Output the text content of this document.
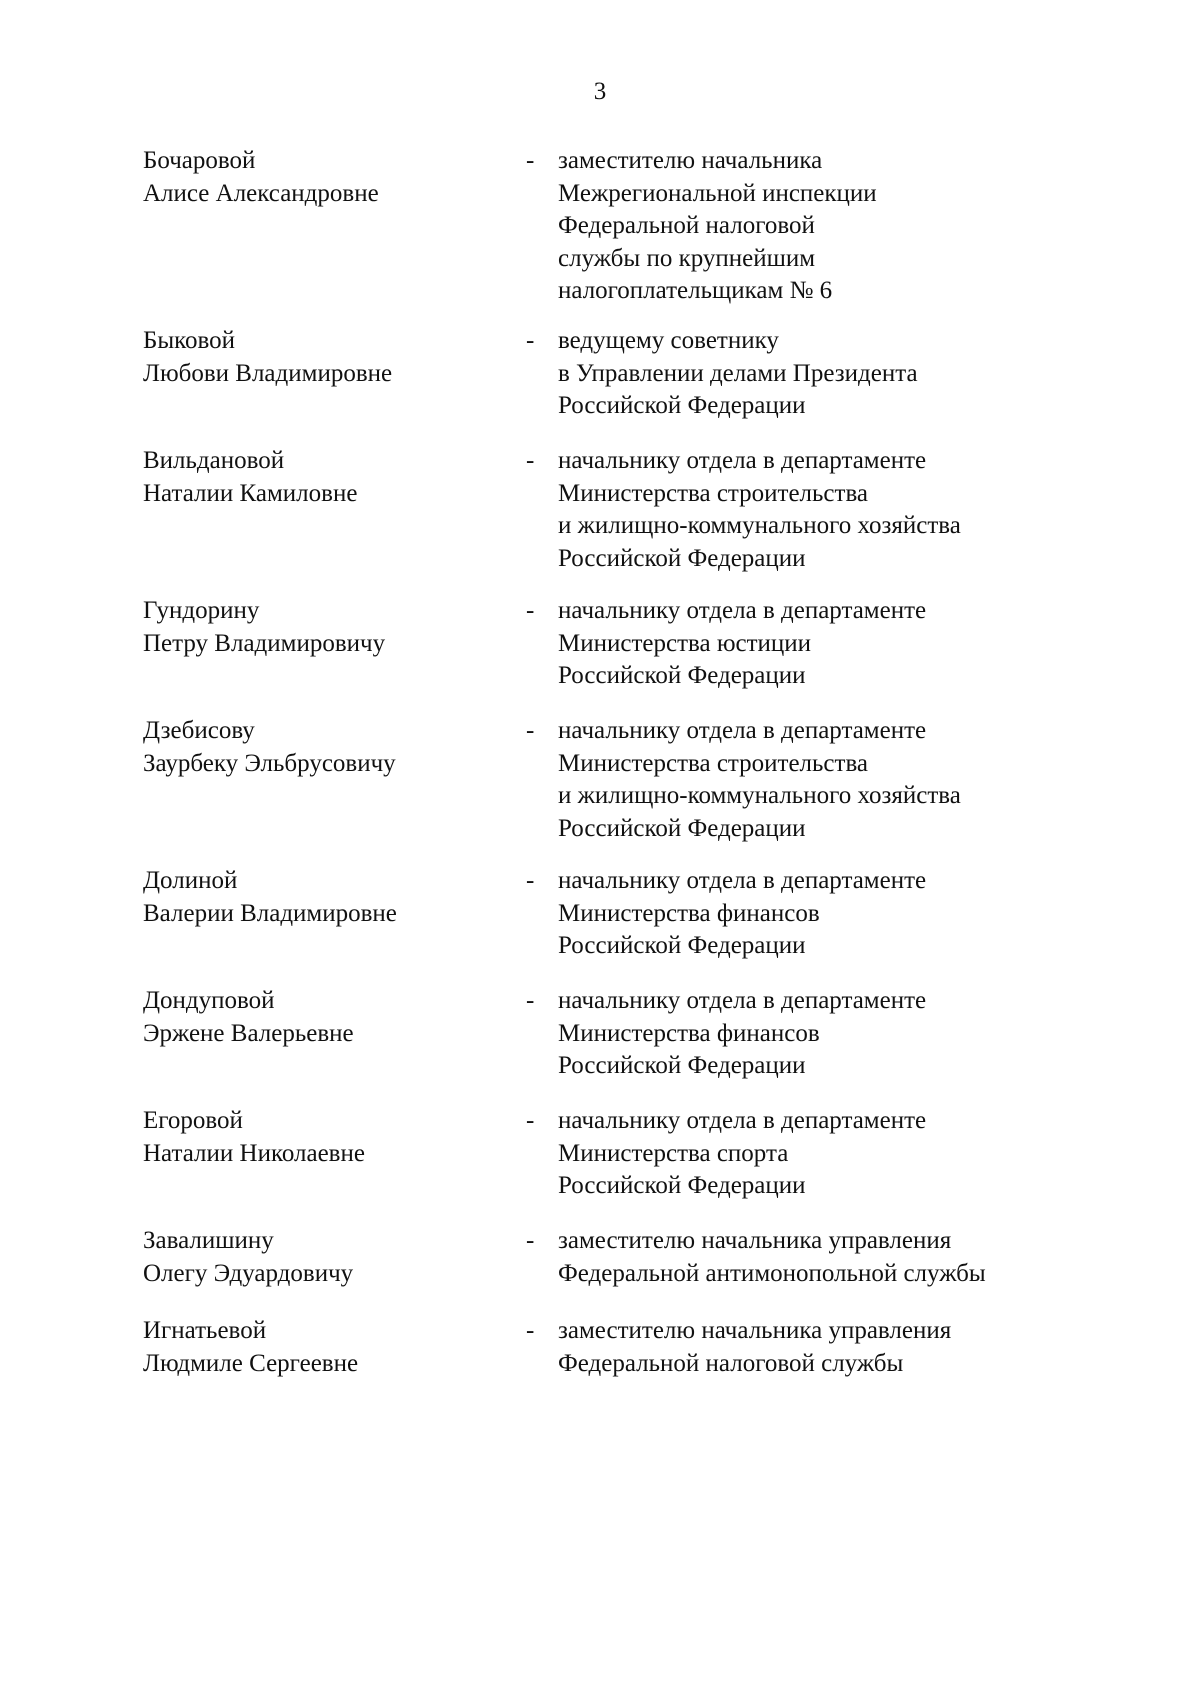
3
Бочаровой
Алисе Александровне
- заместителю начальника
Межрегиональной инспекции
Федеральной налоговой
службы по крупнейшим
налогоплательщикам № 6
Быковой
Любови Владимировне
- ведущему советнику
в Управлении делами Президента
Российской Федерации
Вильдановой
Наталии Камиловне
- начальнику отдела в департаменте
Министерства строительства
и жилищно-коммунального хозяйства
Российской Федерации
Гундорину
Петру Владимировичу
- начальнику отдела в департаменте
Министерства юстиции
Российской Федерации
Дзебисову
Заурбеку Эльбрусовичу
- начальнику отдела в департаменте
Министерства строительства
и жилищно-коммунального хозяйства
Российской Федерации
Долиной
Валерии Владимировне
- начальнику отдела в департаменте
Министерства финансов
Российской Федерации
Дондуповой
Эржене Валерьевне
- начальнику отдела в департаменте
Министерства финансов
Российской Федерации
Егоровой
Наталии Николаевне
- начальнику отдела в департаменте
Министерства спорта
Российской Федерации
Завалишину
Олегу Эдуардовичу
- заместителю начальника управления
Федеральной антимонопольной службы
Игнатьевой
Людмиле Сергеевне
- заместителю начальника управления
Федеральной налоговой службы
